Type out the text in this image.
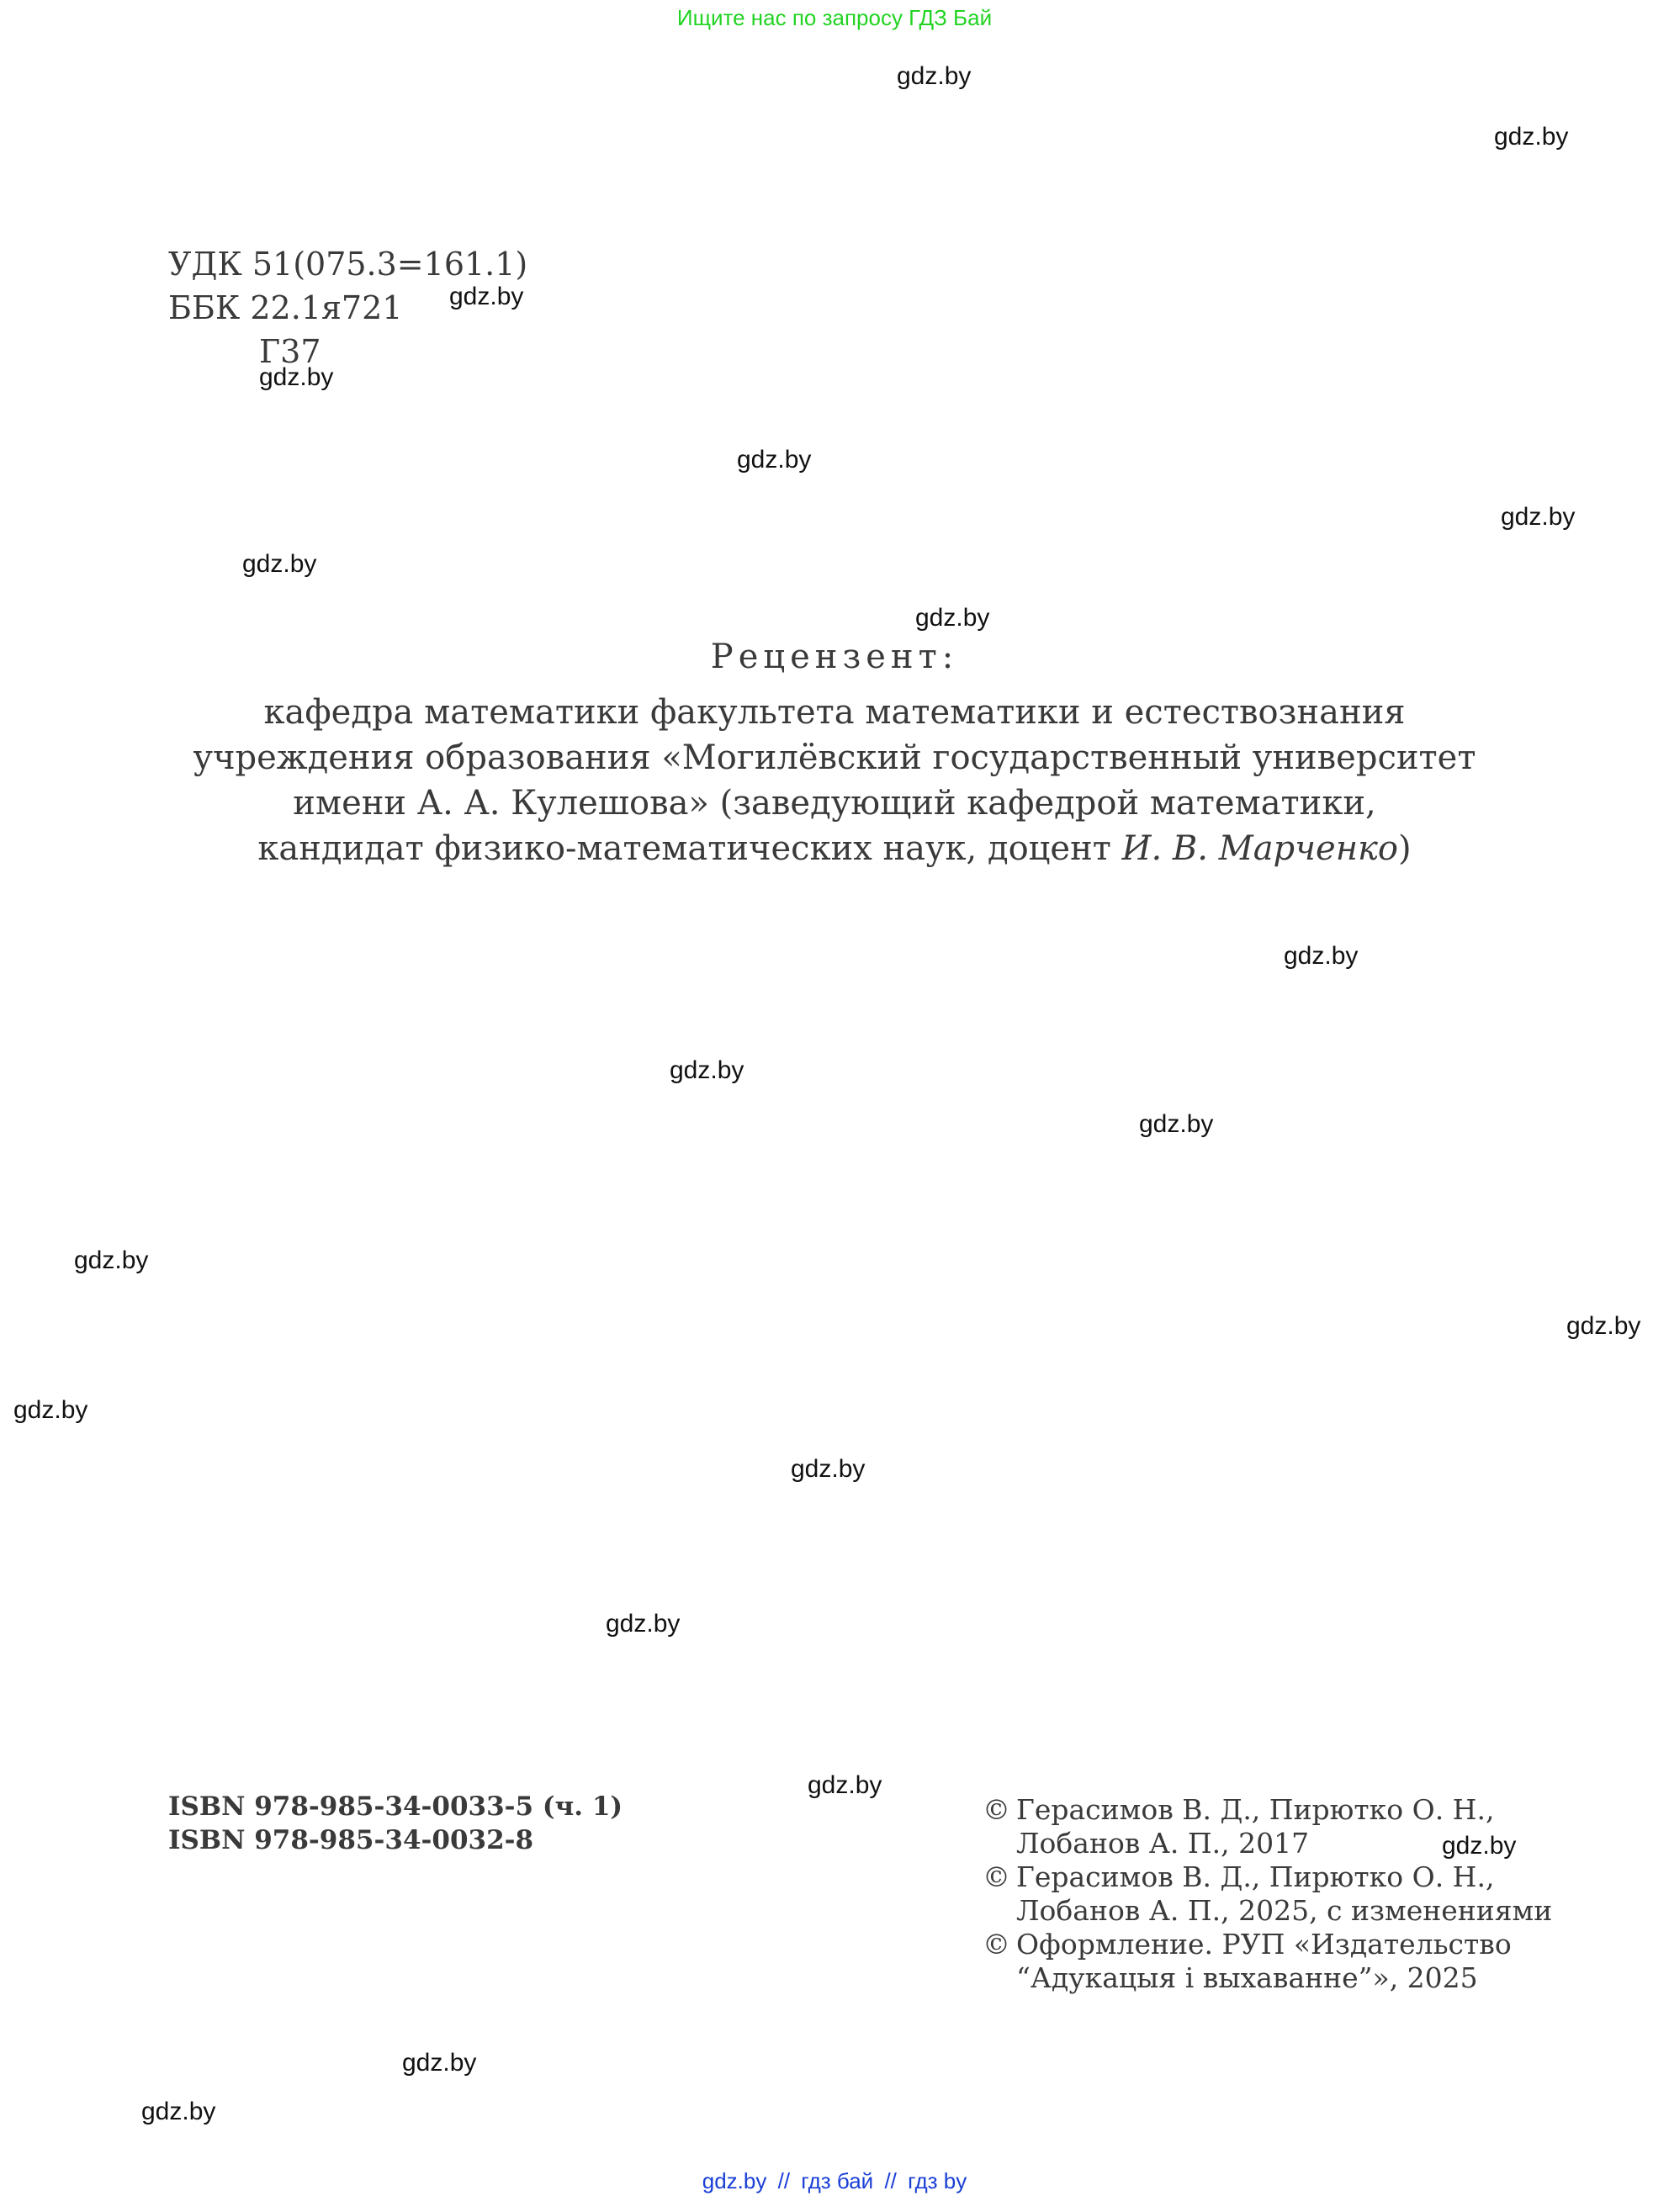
Ищите нас по запросу ГДЗ Бай
gdz.by
gdz.by
gdz.by
gdz.by
gdz.by
gdz.by
gdz.by
gdz.by
gdz.by
gdz.by
gdz.by
gdz.by
gdz.by
gdz.by
gdz.by
gdz.by
gdz.by
gdz.by
gdz.by
gdz.by
УДК 51(075.3=161.1)
ББК 22.1я721
Г37
Рецензент:
кафедра математики факультета математики и естествознания
учреждения образования «Могилёвский государственный университет
имени А. А. Кулешова» (заведующий кафедрой математики,
кандидат физико-математических наук, доцент И. В. Марченко)
ISBN 978-985-34-0033-5 (ч. 1)
ISBN 978-985-34-0032-8
© Герасимов В. Д., Пирютко О. Н.,
Лобанов А. П., 2017
© Герасимов В. Д., Пирютко О. Н.,
Лобанов А. П., 2025, с изменениями
© Оформление. РУП «Издательство
“Адукацыя і выхаванне”», 2025
gdz.by // гдз бай // гдз by
